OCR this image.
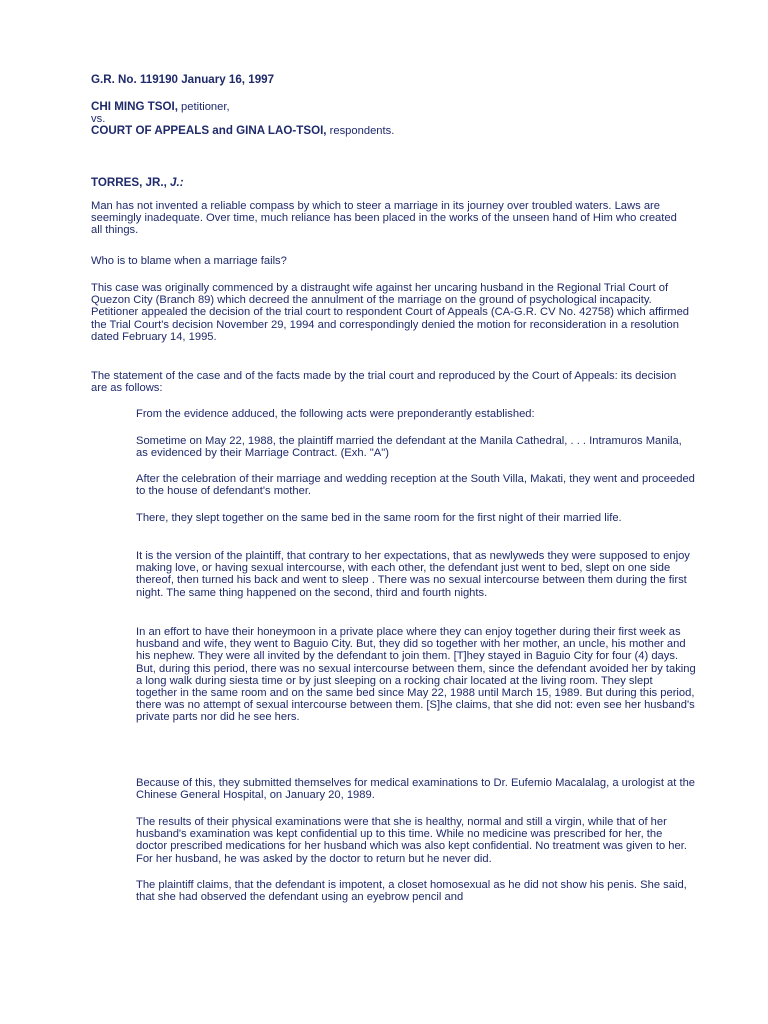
G.R. No. 119190 January 16, 1997
CHI MING TSOI, petitioner,
vs.
COURT OF APPEALS and GINA LAO-TSOI, respondents.
TORRES, JR., J.:

Man has not invented a reliable compass by which to steer a marriage in its journey over troubled waters. Laws are seemingly inadequate. Over time, much reliance has been placed in the works of the unseen hand of Him who created all things.

Who is to blame when a marriage fails?

This case was originally commenced by a distraught wife against her uncaring husband in the Regional Trial Court of Quezon City (Branch 89) which decreed the annulment of the marriage on the ground of psychological incapacity. Petitioner appealed the decision of the trial court to respondent Court of Appeals (CA-G.R. CV No. 42758) which affirmed the Trial Court's decision November 29, 1994 and correspondingly denied the motion for reconsideration in a resolution dated February 14, 1995.

The statement of the case and of the facts made by the trial court and reproduced by the Court of Appeals: its decision are as follows:

From the evidence adduced, the following acts were preponderantly established:

Sometime on May 22, 1988, the plaintiff married the defendant at the Manila Cathedral, . . . Intramuros Manila, as evidenced by their Marriage Contract. (Exh. "A")

After the celebration of their marriage and wedding reception at the South Villa, Makati, they went and proceeded to the house of defendant's mother.

There, they slept together on the same bed in the same room for the first night of their married life.

It is the version of the plaintiff, that contrary to her expectations, that as newlyweds they were supposed to enjoy making love, or having sexual intercourse, with each other, the defendant just went to bed, slept on one side thereof, then turned his back and went to sleep . There was no sexual intercourse between them during the first night. The same thing happened on the second, third and fourth nights.

In an effort to have their honeymoon in a private place where they can enjoy together during their first week as husband and wife, they went to Baguio City. But, they did so together with her mother, an uncle, his mother and his nephew. They were all invited by the defendant to join them. [T]hey stayed in Baguio City for four (4) days. But, during this period, there was no sexual intercourse between them, since the defendant avoided her by taking a long walk during siesta time or by just sleeping on a rocking chair located at the living room. They slept together in the same room and on the same bed since May 22, 1988 until March 15, 1989. But during this period, there was no attempt of sexual intercourse between them. [S]he claims, that she did not: even see her husband's private parts nor did he see hers.

Because of this, they submitted themselves for medical examinations to Dr. Eufemio Macalalag, a urologist at the Chinese General Hospital, on January 20, 1989.

The results of their physical examinations were that she is healthy, normal and still a virgin, while that of her husband's examination was kept confidential up to this time. While no medicine was prescribed for her, the doctor prescribed medications for her husband which was also kept confidential. No treatment was given to her. For her husband, he was asked by the doctor to return but he never did.

The plaintiff claims, that the defendant is impotent, a closet homosexual as he did not show his penis. She said, that she had observed the defendant using an eyebrow pencil and
